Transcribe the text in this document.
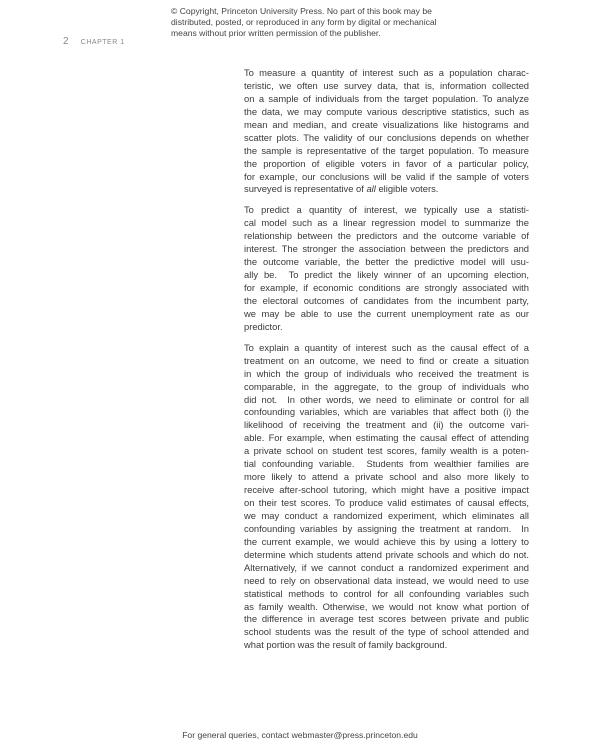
© Copyright, Princeton University Press. No part of this book may be
distributed, posted, or reproduced in any form by digital or mechanical
means without prior written permission of the publisher.
2 CHAPTER 1
To measure a quantity of interest such as a population charac-
teristic, we often use survey data, that is, information collected
on a sample of individuals from the target population. To analyze
the data, we may compute various descriptive statistics, such as
mean and median, and create visualizations like histograms and
scatter plots. The validity of our conclusions depends on whether
the sample is representative of the target population. To measure
the proportion of eligible voters in favor of a particular policy,
for example, our conclusions will be valid if the sample of voters
surveyed is representative of all eligible voters.
To predict a quantity of interest, we typically use a statisti-
cal model such as a linear regression model to summarize the
relationship between the predictors and the outcome variable of
interest. The stronger the association between the predictors and
the outcome variable, the better the predictive model will usu-
ally be.  To predict the likely winner of an upcoming election,
for example, if economic conditions are strongly associated with
the electoral outcomes of candidates from the incumbent party,
we may be able to use the current unemployment rate as our
predictor.
To explain a quantity of interest such as the causal effect of a
treatment on an outcome, we need to find or create a situation
in which the group of individuals who received the treatment is
comparable, in the aggregate, to the group of individuals who
did not.  In other words, we need to eliminate or control for all
confounding variables, which are variables that affect both (i) the
likelihood of receiving the treatment and (ii) the outcome vari-
able. For example, when estimating the causal effect of attending
a private school on student test scores, family wealth is a poten-
tial confounding variable.  Students from wealthier families are
more likely to attend a private school and also more likely to
receive after-school tutoring, which might have a positive impact
on their test scores. To produce valid estimates of causal effects,
we may conduct a randomized experiment, which eliminates all
confounding variables by assigning the treatment at random.  In
the current example, we would achieve this by using a lottery to
determine which students attend private schools and which do not.
Alternatively, if we cannot conduct a randomized experiment and
need to rely on observational data instead, we would need to use
statistical methods to control for all confounding variables such
as family wealth. Otherwise, we would not know what portion of
the difference in average test scores between private and public
school students was the result of the type of school attended and
what portion was the result of family background.
For general queries, contact webmaster@press.princeton.edu
